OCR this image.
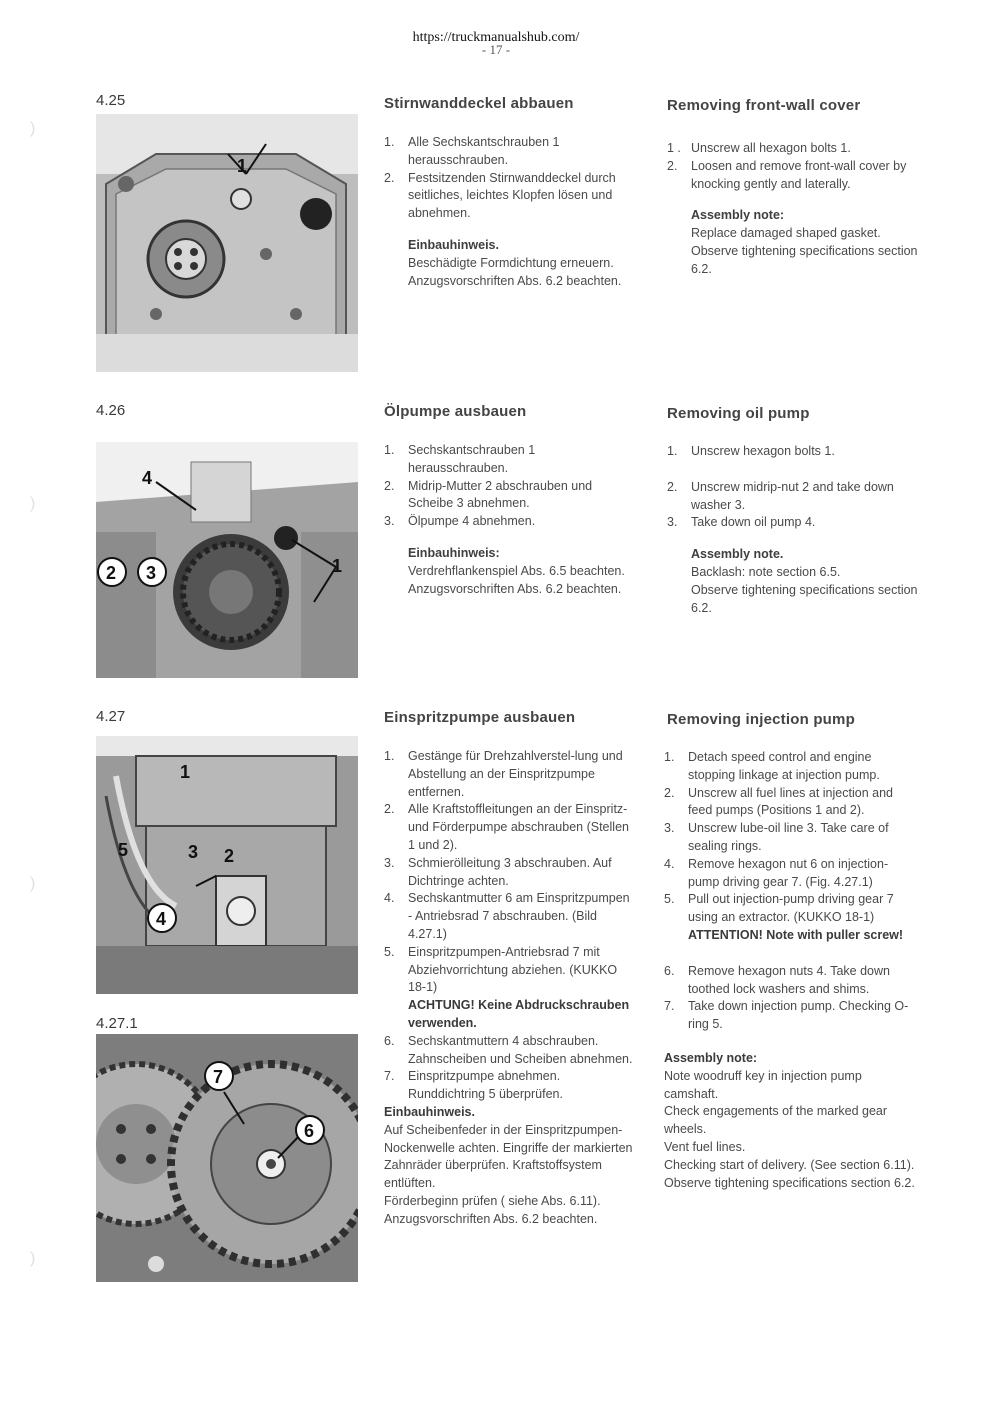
https://truckmanualshub.com/
- 17 -
)
)
)
)
4.25
1
Stirnwanddeckel abbauen	Removing front-wall cover
1. Alle Sechskantschrauben 1 herausschrauben.
2. Festsitzenden Stirnwanddeckel durch seitliches, leichtes Klopfen lösen und abnehmen.
Einbauhinweis.

Beschädigte Formdichtung erneuern.

Anzugsvorschriften Abs. 6.2 beachten.

1 . Unscrew all hexagon bolts 1.
2. Loosen and remove front-wall cover by knocking gently and laterally.
Assembly note:

Replace damaged shaped gasket.

Observe tightening specifications section 6.2.

4.26
4
2 3	1
Ölpumpe ausbauen	Removing oil pump
1. Sechskantschrauben 1 herausschrauben.
2. Midrip-Mutter 2 abschrauben und Scheibe 3 abnehmen.
3. Ölpumpe 4 abnehmen.
Einbauhinweis:

Verdrehflankenspiel Abs. 6.5 beachten.

Anzugsvorschriften Abs. 6.2 beachten.

1. Unscrew hexagon bolts 1.
2. Unscrew midrip-nut 2 and take down washer 3.
3. Take down oil pump 4.
Assembly note.

Backlash: note section 6.5.

Observe tightening specifications section 6.2.

4.27
1
5	3 2
4
4.27.1
7
6
Einspritzpumpe ausbauen	Removing injection pump
1. Gestänge für Drehzahlverstel-lung und Abstellung an der Einspritzpumpe entfernen.
2. Alle Kraftstoffleitungen an der Einspritz- und Förderpumpe abschrauben (Stellen 1 und 2).
3. Schmierölleitung 3 abschrauben. Auf Dichtringe achten.
4. Sechskantmutter 6 am Einspritzpumpen - Antriebsrad 7 abschrauben. (Bild 4.27.1)
5. Einspritzpumpen-Antriebsrad 7 mit Abziehvorrichtung abziehen. (KUKKO 18-1)
ACHTUNG! Keine Abdruckschrauben verwenden.
6. Sechskantmuttern 4 abschrauben. Zahnscheiben und Scheiben abnehmen.
7. Einspritzpumpe abnehmen. Runddichtring 5 überprüfen.
Einbauhinweis.

Auf Scheibenfeder in der Einspritzpumpen-Nockenwelle achten. Eingriffe der markierten Zahnräder überprüfen. Kraftstoffsystem entlüften.

Förderbeginn prüfen ( siehe Abs. 6.11).

Anzugsvorschriften Abs. 6.2 beachten.

1. Detach speed control and engine stopping linkage at injection pump.
2. Unscrew all fuel lines at injection and feed pumps (Positions 1 and 2).
3. Unscrew lube-oil line 3. Take care of sealing rings.
4. Remove hexagon nut 6 on injection-pump driving gear 7. (Fig. 4.27.1)
5. Pull out injection-pump driving gear 7 using an extractor. (KUKKO 18-1)
ATTENTION! Note with puller screw!
6. Remove hexagon nuts 4. Take down toothed lock washers and shims.
7. Take down injection pump. Checking O-ring 5.
Assembly note:

Note woodruff key in injection pump camshaft.

Check engagements of the marked gear wheels.

Vent fuel lines.

Checking start of delivery. (See section 6.11).

Observe tightening specifications section 6.2.
